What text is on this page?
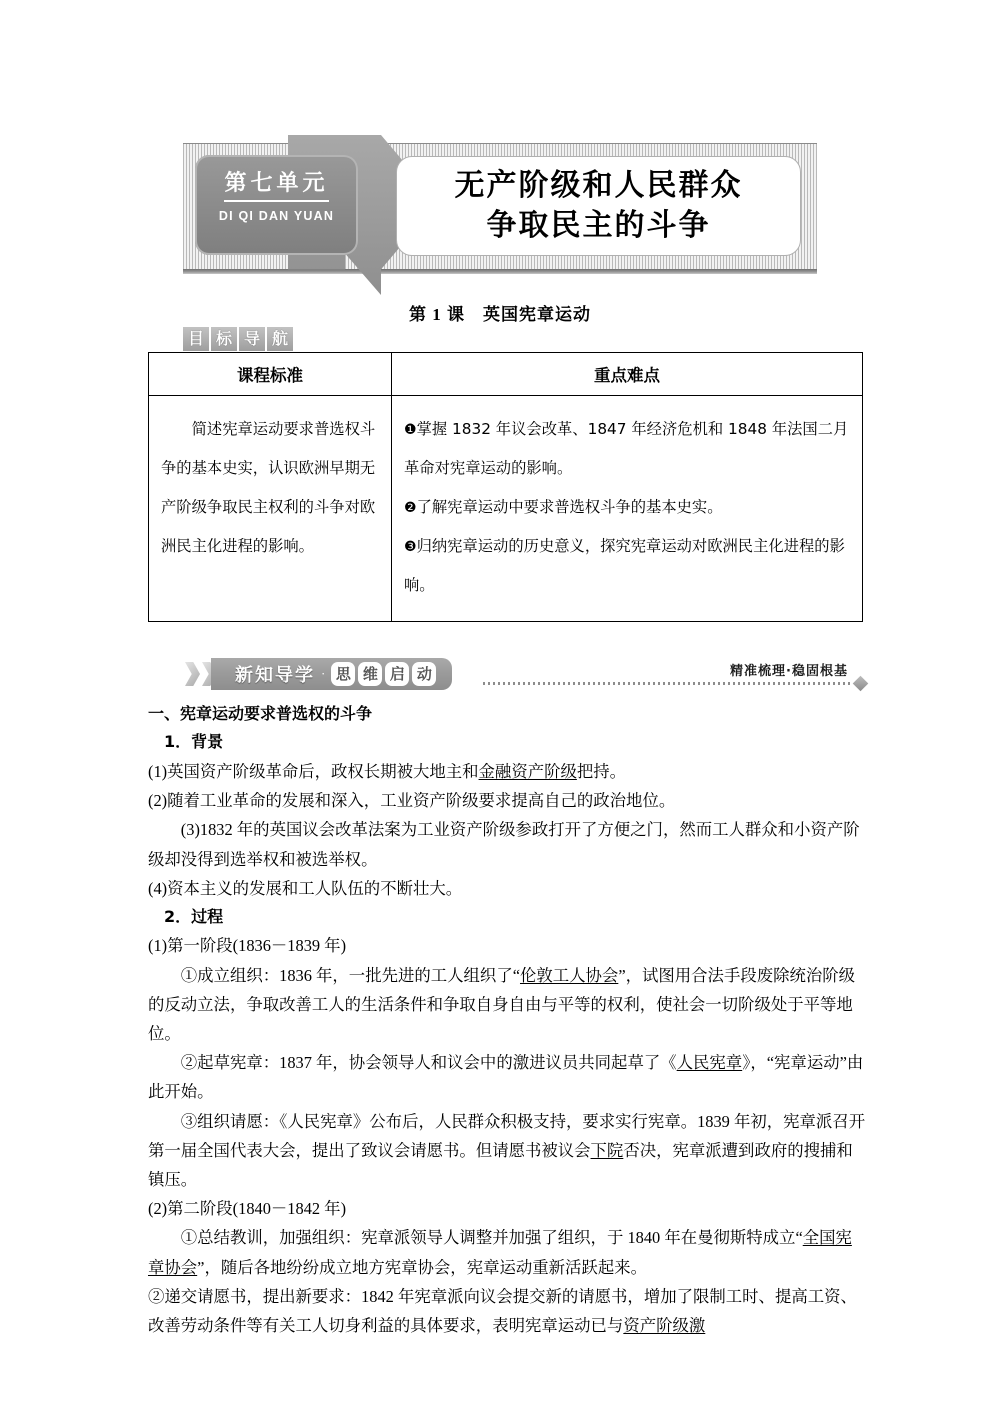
第七单元
DI QI DAN YUAN
无产阶级和人民群众
争取民主的斗争
第 1 课　英国宪章运动
目 标 导 航
课程标准	重点难点

简述宪章运动要求普选权斗争的基本史实，认识欧洲早期无产阶级争取民主权利的斗争对欧洲民主化进程的影响。	❶掌握 1832 年议会改革、1847 年经济危机和 1848 年法国二月革命对宪章运动的影响。

❷了解宪章运动中要求普选权斗争的基本史实。

❸归纳宪章运动的历史意义，探究宪章运动对欧洲民主化进程的影响。

新知导学 · 思 维 启 动	精准梳理·稳固根基

一、宪章运动要求普选权的斗争

1．背景

(1)英国资产阶级革命后，政权长期被大地主和金融资产阶级把持。

(2)随着工业革命的发展和深入，工业资产阶级要求提高自己的政治地位。

(3)1832 年的英国议会改革法案为工业资产阶级参政打开了方便之门，然而工人群众和小资产阶级却没得到选举权和被选举权。

(4)资本主义的发展和工人队伍的不断壮大。

2．过程

(1)第一阶段(1836－1839 年)

①成立组织：1836 年，一批先进的工人组织了“伦敦工人协会”，试图用合法手段废除统治阶级的反动立法，争取改善工人的生活条件和争取自身自由与平等的权利，使社会一切阶级处于平等地位。

②起草宪章：1837 年，协会领导人和议会中的激进议员共同起草了《人民宪章》，“宪章运动”由此开始。

③组织请愿：《人民宪章》公布后，人民群众积极支持，要求实行宪章。1839 年初，宪章派召开第一届全国代表大会，提出了致议会请愿书。但请愿书被议会下院否决，宪章派遭到政府的搜捕和镇压。

(2)第二阶段(1840－1842 年)

①总结教训，加强组织：宪章派领导人调整并加强了组织，于 1840 年在曼彻斯特成立“全国宪章协会”，随后各地纷纷成立地方宪章协会，宪章运动重新活跃起来。

②递交请愿书，提出新要求：1842 年宪章派向议会提交新的请愿书，增加了限制工时、提高工资、改善劳动条件等有关工人切身利益的具体要求，表明宪章运动已与资产阶级激
